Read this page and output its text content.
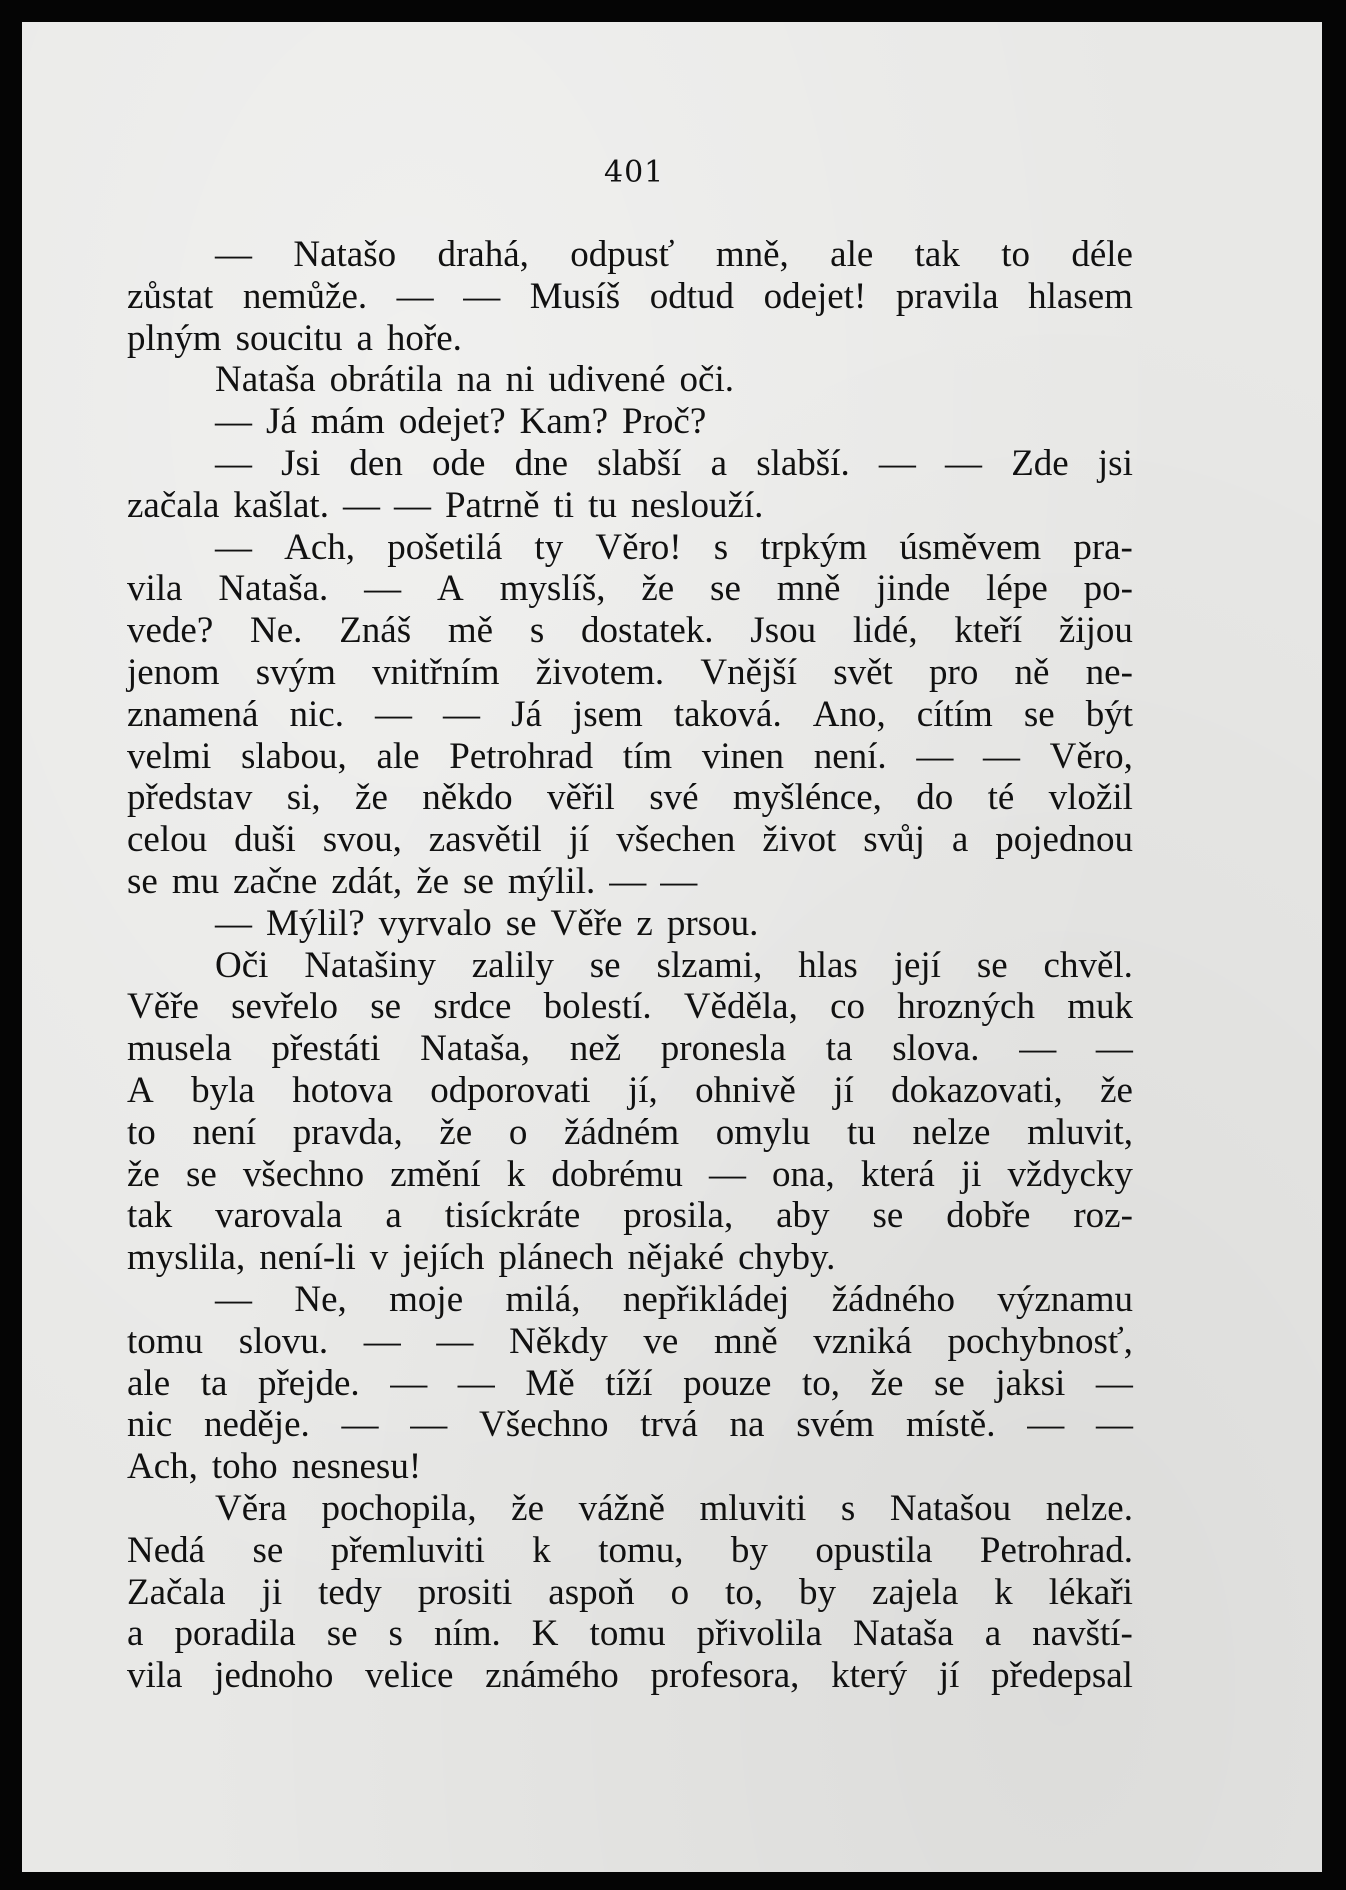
401
— Natašo drahá, odpusť mně, ale tak to déle
zůstat nemůže. — — Musíš odtud odejet! pravila hlasem
plným soucitu a hoře.
Nataša obrátila na ni udivené oči.
— Já mám odejet? Kam? Proč?
— Jsi den ode dne slabší a slabší. — — Zde jsi
začala kašlat. — — Patrně ti tu neslouží.
— Ach, pošetilá ty Věro! s trpkým úsměvem pra-
vila Nataša. — A myslíš, že se mně jinde lépe po-
vede? Ne. Znáš mě s dostatek. Jsou lidé, kteří žijou
jenom svým vnitřním životem. Vnější svět pro ně ne-
znamená nic. — — Já jsem taková. Ano, cítím se být
velmi slabou, ale Petrohrad tím vinen není. — — Věro,
představ si, že někdo věřil své myšlénce, do té vložil
celou duši svou, zasvětil jí všechen život svůj a pojednou
se mu začne zdát, že se mýlil. — —
— Mýlil? vyrvalo se Věře z prsou.
Oči Natašiny zalily se slzami, hlas její se chvěl.
Věře sevřelo se srdce bolestí. Věděla, co hrozných muk
musela přestáti Nataša, než pronesla ta slova. — —
A byla hotova odporovati jí, ohnivě jí dokazovati, že
to není pravda, že o žádném omylu tu nelze mluvit,
že se všechno změní k dobrému — ona, která ji vždycky
tak varovala a tisíckráte prosila, aby se dobře roz-
myslila, není-li v jejích plánech nějaké chyby.
— Ne, moje milá, nepřikládej žádného významu
tomu slovu. — — Někdy ve mně vzniká pochybnosť,
ale ta přejde. — — Mě tíží pouze to, že se jaksi —
nic neděje. — — Všechno trvá na svém místě. — —
Ach, toho nesnesu!
Věra pochopila, že vážně mluviti s Natašou nelze.
Nedá se přemluviti k tomu, by opustila Petrohrad.
Začala ji tedy prositi aspoň o to, by zajela k lékaři
a poradila se s ním. K tomu přivolila Nataša a navští-
vila jednoho velice známého profesora, který jí předepsal
